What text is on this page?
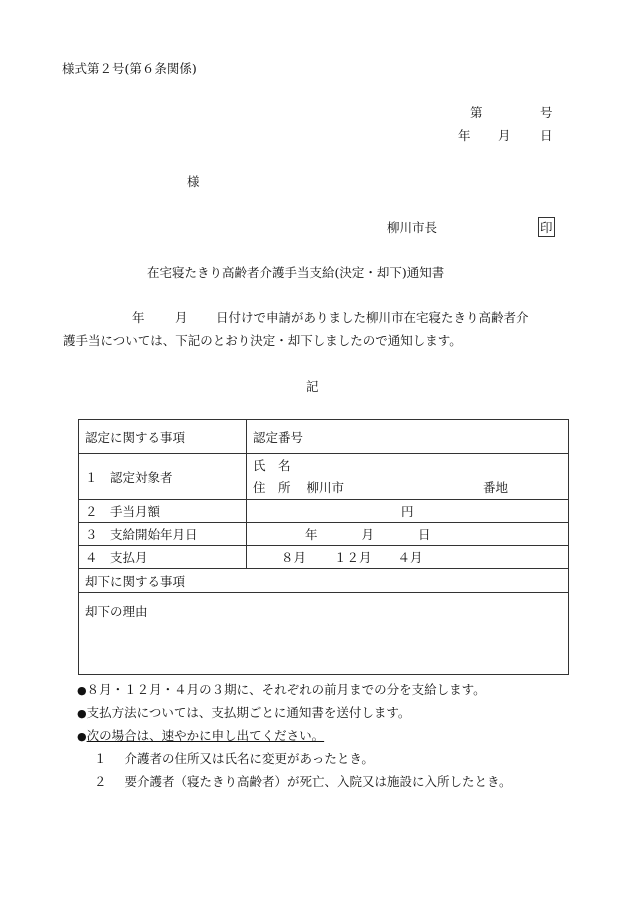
様式第２号(第６条関係)
第	号
年 月 日
様
柳川市長	印
在宅寝たきり高齢者介護手当支給(決定・却下)通知書
年 月 日付けで申請がありました柳川市在宅寝たきり高齢者介
護手当については、下記のとおり決定・却下しましたので通知します。
記
認定に関する事項	認定番号
１　認定対象者	氏　名
住　所 柳川市 番地

２　手当月額	円
３　支給開始年月日	年 月 日
４　支払月	８月 １２月 ４月
却下に関する事項	
却下の理由	
●８月・１２月・４月の３期に、それぞれの前月までの分を支給します。
●支払方法については、支払期ごとに通知書を送付します。
●次の場合は、速やかに申し出てください。
１ 介護者の住所又は氏名に変更があったとき。
２ 要介護者（寝たきり高齢者）が死亡、入院又は施設に入所したとき。
